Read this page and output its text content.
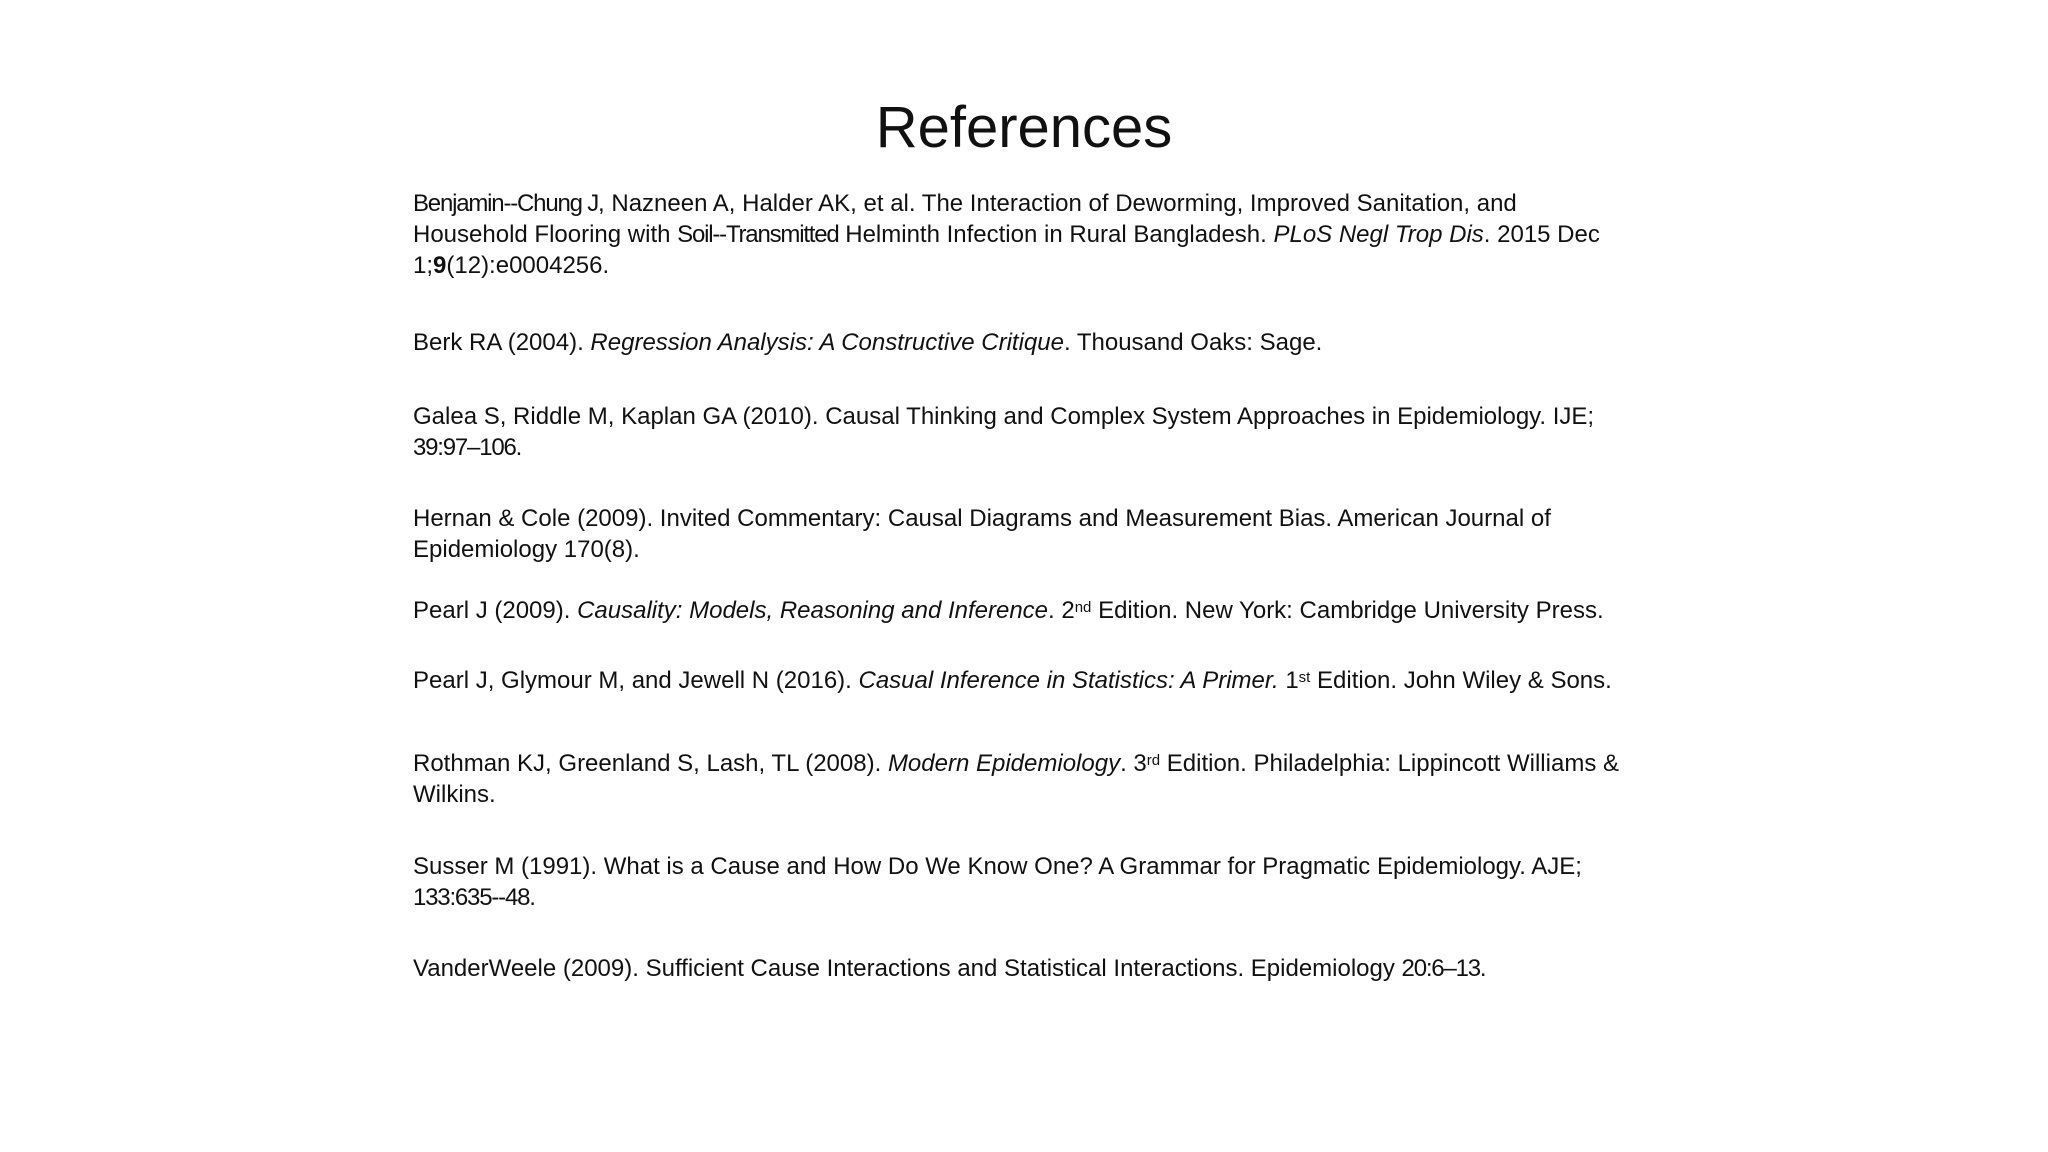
References
Benjamin--Chung J, Nazneen A, Halder AK, et al. The Interaction of Deworming, Improved Sanitation, and Household Flooring with Soil--Transmitted Helminth Infection in Rural Bangladesh. PLoS Negl Trop Dis. 2015 Dec 1;9(12):e0004256.
Berk RA (2004). Regression Analysis: A Constructive Critique. Thousand Oaks: Sage.
Galea S, Riddle M, Kaplan GA (2010). Causal Thinking and Complex System Approaches in Epidemiology. IJE; 39:97–106.
Hernan & Cole (2009). Invited Commentary: Causal Diagrams and Measurement Bias. American Journal of Epidemiology 170(8).
Pearl J (2009). Causality: Models, Reasoning and Inference. 2nd Edition. New York: Cambridge University Press.
Pearl J, Glymour M, and Jewell N (2016). Casual Inference in Statistics: A Primer. 1st Edition. John Wiley & Sons.
Rothman KJ, Greenland S, Lash, TL (2008). Modern Epidemiology. 3rd Edition. Philadelphia: Lippincott Williams & Wilkins.
Susser M (1991). What is a Cause and How Do We Know One? A Grammar for Pragmatic Epidemiology. AJE; 133:635--48.
VanderWeele (2009). Sufficient Cause Interactions and Statistical Interactions. Epidemiology 20:6–13.
